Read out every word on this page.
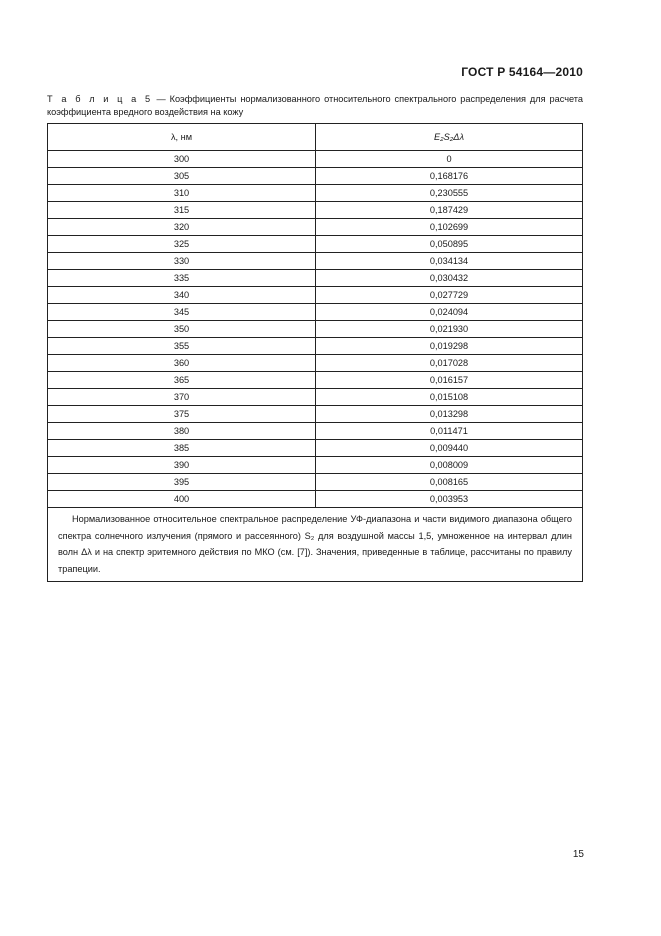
ГОСТ Р 54164—2010
Т а б л и ц а 5 — Коэффициенты нормализованного относительного спектрального распределения для расчета коэффициента вредного воздействия на кожу
λ, нм	E₂S₂Δλ
300	0
305	0,168176
310	0,230555
315	0,187429
320	0,102699
325	0,050895
330	0,034134
335	0,030432
340	0,027729
345	0,024094
350	0,021930
355	0,019298
360	0,017028
365	0,016157
370	0,015108
375	0,013298
380	0,011471
385	0,009440
390	0,008009
395	0,008165
400	0,003953
Нормализованное относительное спектральное распределение УФ-диапазона и части видимого диапазона общего спектра солнечного излучения (прямого и рассеянного) S₂ для воздушной массы 1,5, умноженное на интервал длин волн Δλ и на спектр эритемного действия по МКО (см. [7]). Значения, приведенные в таблице, рассчитаны по правилу трапеции.	
15
